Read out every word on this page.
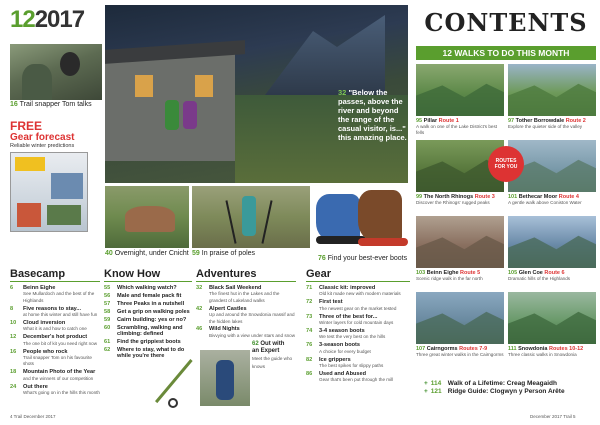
122017
16 Trail snapper Tom talks
FREE
Gear forecast
Reliable winter predictions
32 "Below the passes, above the river and beyond the range of the casual visitor, is..." this amazing place.
40 Overnight, under Cnicht 59 In praise of poles
76 Find your best-ever boots
Basecamp
6	Beinn Eighe
See Mullardoch and the best of the Highlands
8	Five reasons to stay...
at home this winter and still have fun
10	Cloud inversion
What it is and how to catch one
12	December's hot product
The one bit of kit you need right now
16	People who rock
Trail snapper Tom on his favourite shots
18	Mountain Photo of the Year
and the winners of our competition
24	Out there
What's going on in the hills this month
Know How
55	Which walking watch?
56	Male and female pack fit
57	Three Peaks in a nutshell
58	Get a grip on walking poles
59	Cairn building: yes or no?
60	Scrambling, walking and climbing: defined
61	Find the grippiest boots
62	Where to stay, what to do while you're there
Adventures
32	Black Sail Weekend
The finest hut in the Lakes and the grandest of Lakeland walks
42	Alpert Castles
Up and around the Snowdonia massif and the hidden lakes
46	Wild Nights
Bivvying with a view under stars and snow
62 Out with
an Expert
Meet the guide who knows
Gear
71	Classic kit: improved
Old kit made new with modern materials
72	First test
The newest gear on the market tested
73	Three of the best for...
Winter layers for cold mountain days
74	3-4 season boots
We test the very best on the hills
76	3-season boots
A choice for every budget
82	Ice grippers
The best spikes for slippy paths
86	Used and Abused
Gear that's been put through the mill
CONTENTS
12 WALKS TO DO THIS MONTH
95 Pillar Route 1
A walk on one of the Lake District's best fells
97 Tother Borrowdale Route 2
Explore the quieter side of the valley
99 The North Rhinogs Route 3
Discover the Rhinogs' rugged peaks
101 Bethecar Moor Route 4
A gentle walk above Coniston Water
103 Beinn Eighe Route 5
Scenic ridge walk in the far north
105 Glen Coe Route 6
Dramatic hills of the Highlands
107 Cairngorms Routes 7-9
Three great winter walks in the Cairngorms
111 Snowdonia Routes 10-12
Three classic walks in Snowdonia
ROUTES FOR YOU
+ 114	Walk of a Lifetime: Creag Meagaidh
+ 121 Ridge Guide: Clogwyn y Person Arête
4 Trail December 2017	December 2017 Trail 5
